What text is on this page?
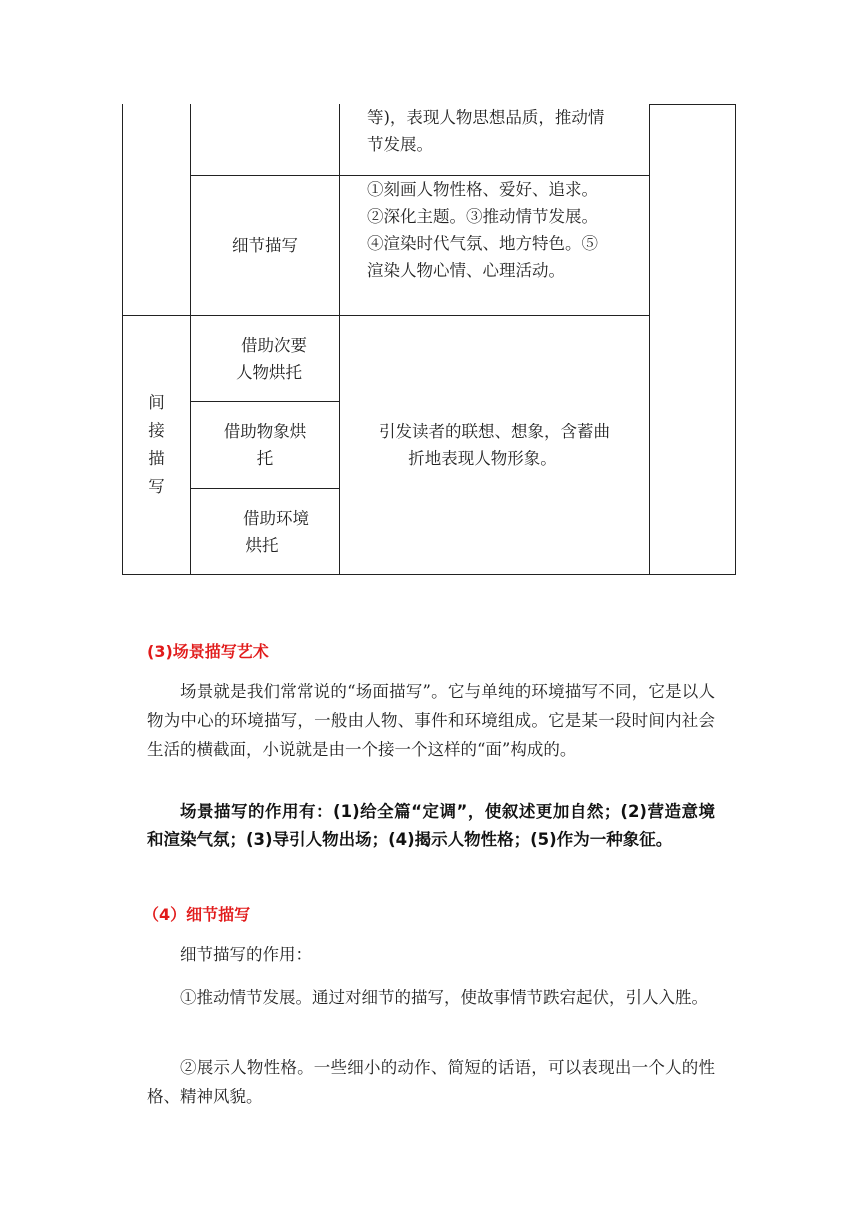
等)，表现人物思想品质，推动情
节发展。
细节描写
①刻画人物性格、爱好、追求。
②深化主题。③推动情节发展。
④渲染时代气氛、地方特色。⑤
渲染人物心情、心理活动。
间
接
描
写
借助次要
人物烘托
借助物象烘
托
借助环境
烘托
引发读者的联想、想象，含蓄曲
折地表现人物形象。
(3)场景描写艺术

场景就是我们常常说的“场面描写”。它与单纯的环境描写不同，它是以人物为中心的环境描写，一般由人物、事件和环境组成。它是某一段时间内社会生活的横截面，小说就是由一个接一个这样的“面”构成的。

场景描写的作用有：(1)给全篇“定调”，使叙述更加自然；(2)营造意境和渲染气氛；(3)导引人物出场；(4)揭示人物性格；(5)作为一种象征。

（4）细节描写

细节描写的作用：

①推动情节发展。通过对细节的描写，使故事情节跌宕起伏，引人入胜。

②展示人物性格。一些细小的动作、简短的话语，可以表现出一个人的性格、精神风貌。
